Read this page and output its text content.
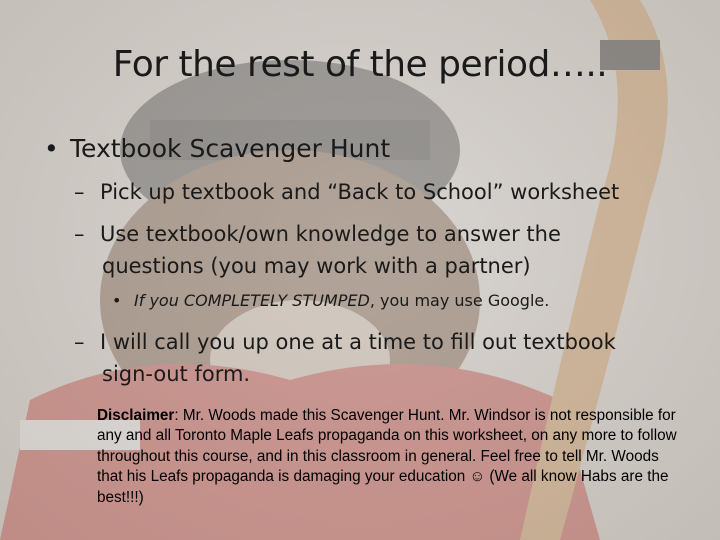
For the rest of the period…..
• Textbook Scavenger Hunt
– Pick up textbook and “Back to School” worksheet
– Use textbook/own knowledge to answer the
questions (you may work with a partner)
• If you COMPLETELY STUMPED, you may use Google.
– I will call you up one at a time to fill out textbook
sign-out form.
Disclaimer: Mr. Woods made this Scavenger Hunt. Mr. Windsor is not responsible for any and all Toronto Maple Leafs propaganda on this worksheet, on any more to follow throughout this course, and in this classroom in general. Feel free to tell Mr. Woods that his Leafs propaganda is damaging your education ☺ (We all know Habs are the best!!!)
